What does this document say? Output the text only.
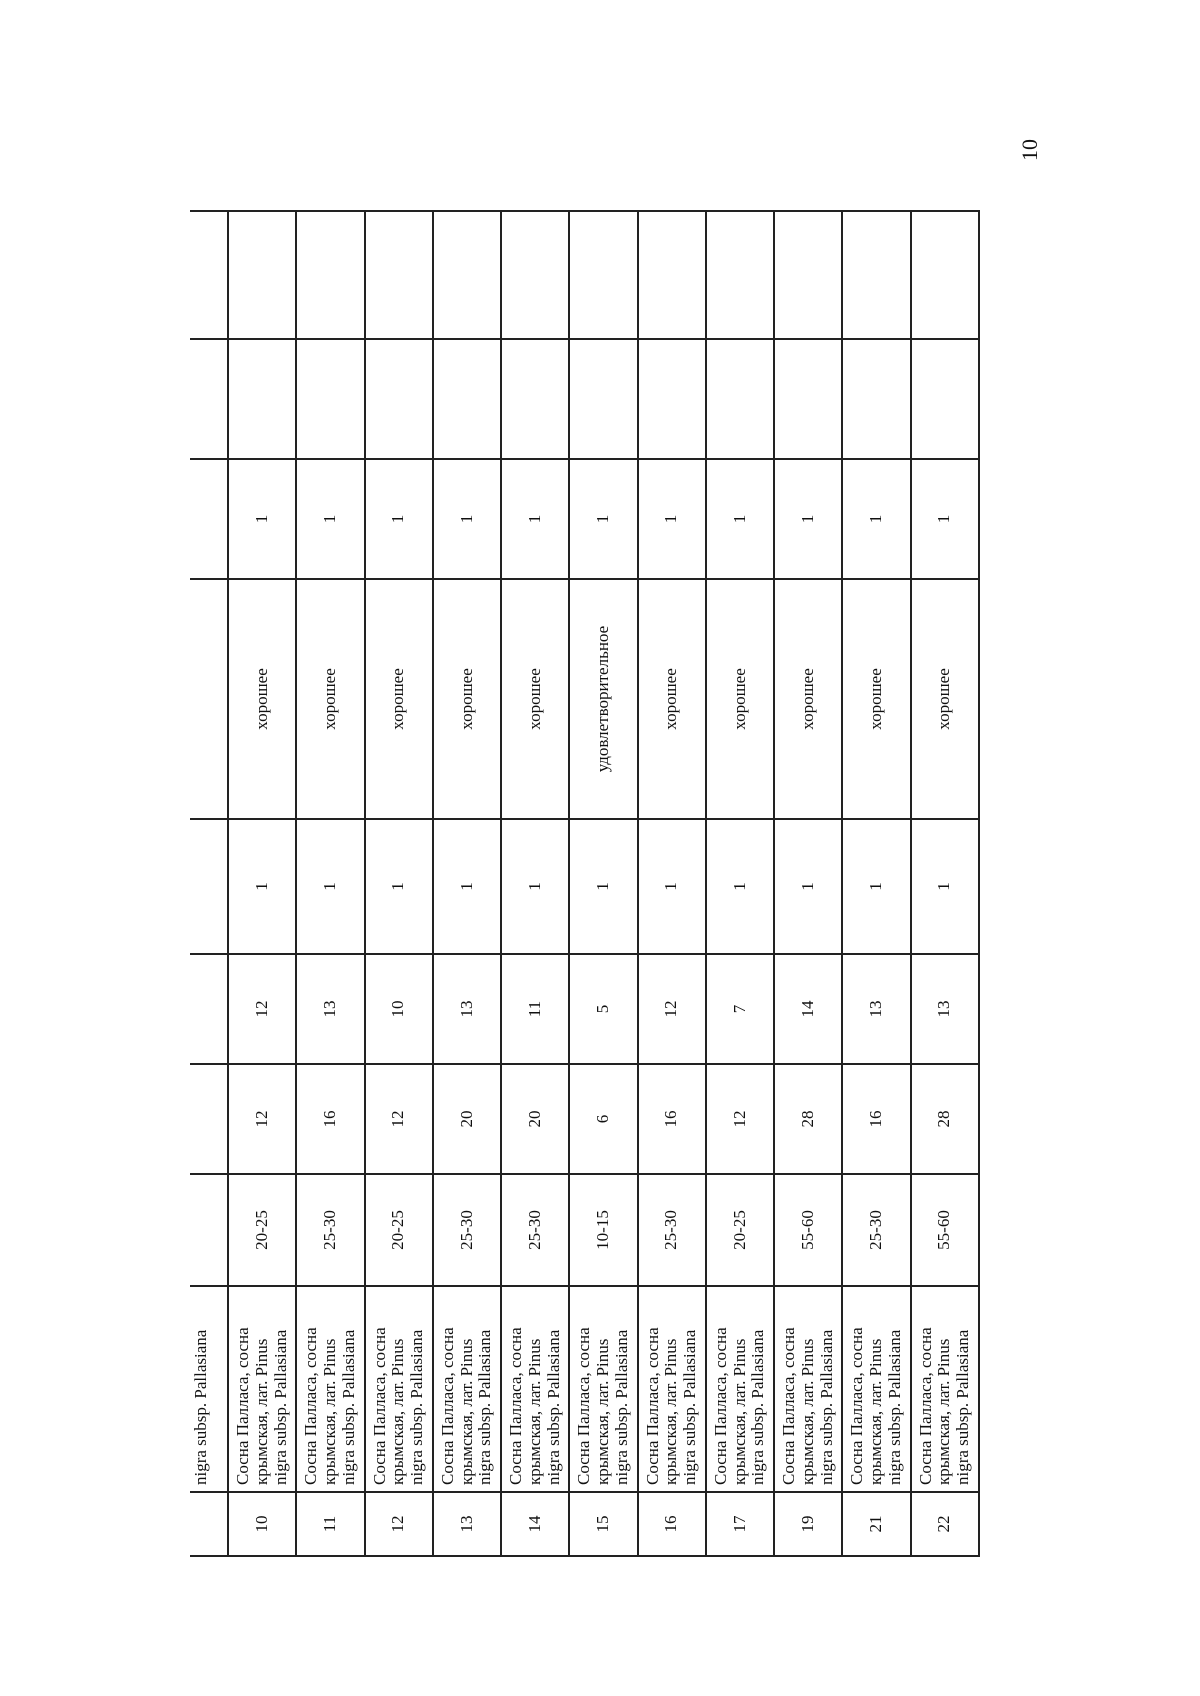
10
	nigra subsp. Pallasiana								
10	Сосна Палласа, сосна крымская, лат. Pinus nigra subsp. Pallasiana	20-25	12	12	1	хорошее	1		
11	Сосна Палласа, сосна крымская, лат. Pinus nigra subsp. Pallasiana	25-30	16	13	1	хорошее	1		
12	Сосна Палласа, сосна крымская, лат. Pinus nigra subsp. Pallasiana	20-25	12	10	1	хорошее	1		
13	Сосна Палласа, сосна крымская, лат. Pinus nigra subsp. Pallasiana	25-30	20	13	1	хорошее	1		
14	Сосна Палласа, сосна крымская, лат. Pinus nigra subsp. Pallasiana	25-30	20	11	1	хорошее	1		
15	Сосна Палласа, сосна крымская, лат. Pinus nigra subsp. Pallasiana	10-15	6	5	1	удовлетворительное	1		
16	Сосна Палласа, сосна крымская, лат. Pinus nigra subsp. Pallasiana	25-30	16	12	1	хорошее	1		
17	Сосна Палласа, сосна крымская, лат. Pinus nigra subsp. Pallasiana	20-25	12	7	1	хорошее	1		
19	Сосна Палласа, сосна крымская, лат. Pinus nigra subsp. Pallasiana	55-60	28	14	1	хорошее	1		
21	Сосна Палласа, сосна крымская, лат. Pinus nigra subsp. Pallasiana	25-30	16	13	1	хорошее	1		
22	Сосна Палласа, сосна крымская, лат. Pinus nigra subsp. Pallasiana	55-60	28	13	1	хорошее	1		
